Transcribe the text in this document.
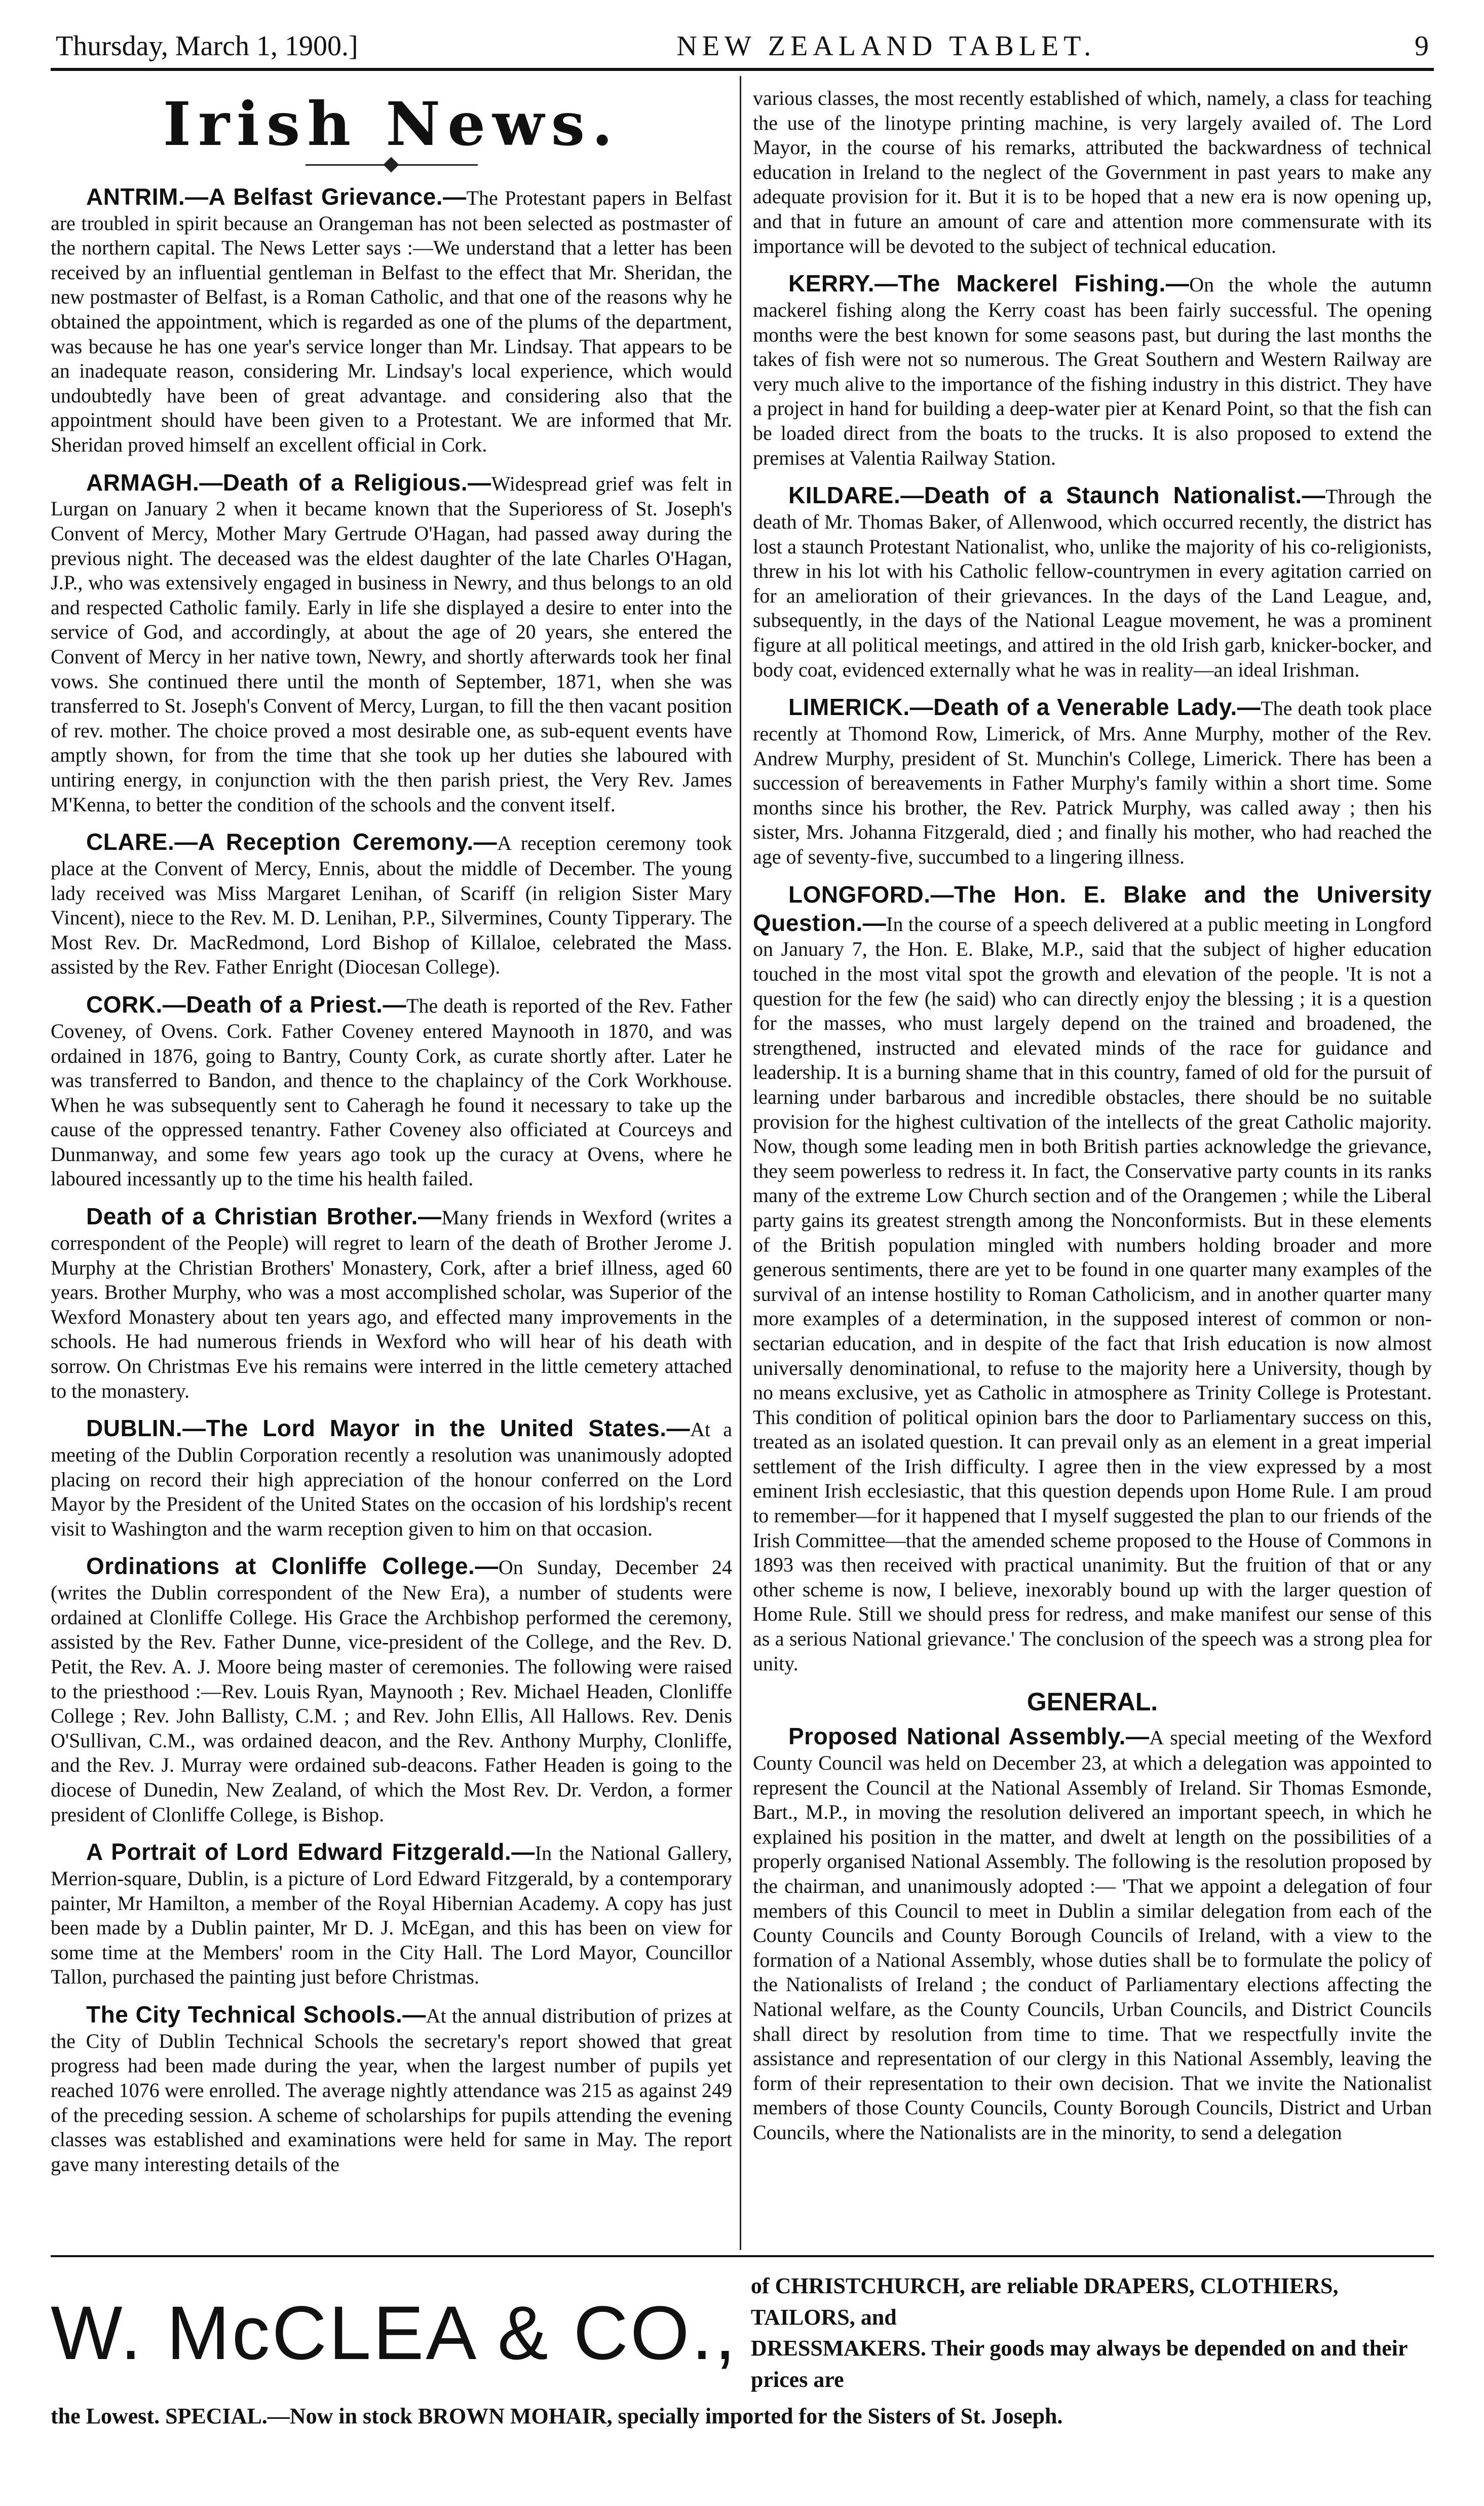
Thursday, March 1, 1900.]	NEW ZEALAND TABLET.	9
Irish News.

ANTRIM.—A Belfast Grievance.—The Protestant papers in Belfast are troubled in spirit because an Orangeman has not been selected as postmaster of the northern capital. The News Letter says :—We understand that a letter has been received by an influential gentleman in Belfast to the effect that Mr. Sheridan, the new postmaster of Belfast, is a Roman Catholic, and that one of the reasons why he obtained the appointment, which is regarded as one of the plums of the department, was because he has one year's service longer than Mr. Lindsay. That appears to be an inadequate reason, considering Mr. Lindsay's local experience, which would undoubtedly have been of great advantage. and considering also that the appointment should have been given to a Protestant. We are informed that Mr. Sheridan proved himself an excellent official in Cork.

ARMAGH.—Death of a Religious.—Widespread grief was felt in Lurgan on January 2 when it became known that the Superioress of St. Joseph's Convent of Mercy, Mother Mary Gertrude O'Hagan, had passed away during the previous night. The deceased was the eldest daughter of the late Charles O'Hagan, J.P., who was extensively engaged in business in Newry, and thus belongs to an old and respected Catholic family. Early in life she displayed a desire to enter into the service of God, and accordingly, at about the age of 20 years, she entered the Convent of Mercy in her native town, Newry, and shortly afterwards took her final vows. She continued there until the month of September, 1871, when she was transferred to St. Joseph's Convent of Mercy, Lurgan, to fill the then vacant position of rev. mother. The choice proved a most desirable one, as sub-equent events have amptly shown, for from the time that she took up her duties she laboured with untiring energy, in conjunction with the then parish priest, the Very Rev. James M'Kenna, to better the condition of the schools and the convent itself.

CLARE.—A Reception Ceremony.—A reception ceremony took place at the Convent of Mercy, Ennis, about the middle of December. The young lady received was Miss Margaret Lenihan, of Scariff (in religion Sister Mary Vincent), niece to the Rev. M. D. Lenihan, P.P., Silvermines, County Tipperary. The Most Rev. Dr. MacRedmond, Lord Bishop of Killaloe, celebrated the Mass. assisted by the Rev. Father Enright (Diocesan College).

CORK.—Death of a Priest.—The death is reported of the Rev. Father Coveney, of Ovens. Cork. Father Coveney entered Maynooth in 1870, and was ordained in 1876, going to Bantry, County Cork, as curate shortly after. Later he was transferred to Bandon, and thence to the chaplaincy of the Cork Workhouse. When he was subsequently sent to Caheragh he found it necessary to take up the cause of the oppressed tenantry. Father Coveney also officiated at Courceys and Dunmanway, and some few years ago took up the curacy at Ovens, where he laboured incessantly up to the time his health failed.

Death of a Christian Brother.—Many friends in Wexford (writes a correspondent of the People) will regret to learn of the death of Brother Jerome J. Murphy at the Christian Brothers' Monastery, Cork, after a brief illness, aged 60 years. Brother Murphy, who was a most accomplished scholar, was Superior of the Wexford Monastery about ten years ago, and effected many improvements in the schools. He had numerous friends in Wexford who will hear of his death with sorrow. On Christmas Eve his remains were interred in the little cemetery attached to the monastery.

DUBLIN.—The Lord Mayor in the United States.—At a meeting of the Dublin Corporation recently a resolution was unanimously adopted placing on record their high appreciation of the honour conferred on the Lord Mayor by the President of the United States on the occasion of his lordship's recent visit to Washington and the warm reception given to him on that occasion.

Ordinations at Clonliffe College.—On Sunday, December 24 (writes the Dublin correspondent of the New Era), a number of students were ordained at Clonliffe College. His Grace the Archbishop performed the ceremony, assisted by the Rev. Father Dunne, vice-president of the College, and the Rev. D. Petit, the Rev. A. J. Moore being master of ceremonies. The following were raised to the priesthood :—Rev. Louis Ryan, Maynooth ; Rev. Michael Headen, Clonliffe College ; Rev. John Ballisty, C.M. ; and Rev. John Ellis, All Hallows. Rev. Denis O'Sullivan, C.M., was ordained deacon, and the Rev. Anthony Murphy, Clonliffe, and the Rev. J. Murray were ordained sub-deacons. Father Headen is going to the diocese of Dunedin, New Zealand, of which the Most Rev. Dr. Verdon, a former president of Clonliffe College, is Bishop.

A Portrait of Lord Edward Fitzgerald.—In the National Gallery, Merrion-square, Dublin, is a picture of Lord Edward Fitzgerald, by a contemporary painter, Mr Hamilton, a member of the Royal Hibernian Academy. A copy has just been made by a Dublin painter, Mr D. J. McEgan, and this has been on view for some time at the Members' room in the City Hall. The Lord Mayor, Councillor Tallon, purchased the painting just before Christmas.

The City Technical Schools.—At the annual distribution of prizes at the City of Dublin Technical Schools the secretary's report showed that great progress had been made during the year, when the largest number of pupils yet reached 1076 were enrolled. The average nightly attendance was 215 as against 249 of the preceding session. A scheme of scholarships for pupils attending the evening classes was established and examinations were held for same in May. The report gave many interesting details of the

various classes, the most recently established of which, namely, a class for teaching the use of the linotype printing machine, is very largely availed of. The Lord Mayor, in the course of his remarks, attributed the backwardness of technical education in Ireland to the neglect of the Government in past years to make any adequate provision for it. But it is to be hoped that a new era is now opening up, and that in future an amount of care and attention more commensurate with its importance will be devoted to the subject of technical education.

KERRY.—The Mackerel Fishing.—On the whole the autumn mackerel fishing along the Kerry coast has been fairly successful. The opening months were the best known for some seasons past, but during the last months the takes of fish were not so numerous. The Great Southern and Western Railway are very much alive to the importance of the fishing industry in this district. They have a project in hand for building a deep-water pier at Kenard Point, so that the fish can be loaded direct from the boats to the trucks. It is also proposed to extend the premises at Valentia Railway Station.

KILDARE.—Death of a Staunch Nationalist.—Through the death of Mr. Thomas Baker, of Allenwood, which occurred recently, the district has lost a staunch Protestant Nationalist, who, unlike the majority of his co-religionists, threw in his lot with his Catholic fellow-countrymen in every agitation carried on for an amelioration of their grievances. In the days of the Land League, and, subsequently, in the days of the National League movement, he was a prominent figure at all political meetings, and attired in the old Irish garb, knicker-bocker, and body coat, evidenced externally what he was in reality—an ideal Irishman.

LIMERICK.—Death of a Venerable Lady.—The death took place recently at Thomond Row, Limerick, of Mrs. Anne Murphy, mother of the Rev. Andrew Murphy, president of St. Munchin's College, Limerick. There has been a succession of bereavements in Father Murphy's family within a short time. Some months since his brother, the Rev. Patrick Murphy, was called away ; then his sister, Mrs. Johanna Fitzgerald, died ; and finally his mother, who had reached the age of seventy-five, succumbed to a lingering illness.

LONGFORD.—The Hon. E. Blake and the University Question.—In the course of a speech delivered at a public meeting in Longford on January 7, the Hon. E. Blake, M.P., said that the subject of higher education touched in the most vital spot the growth and elevation of the people. 'It is not a question for the few (he said) who can directly enjoy the blessing ; it is a question for the masses, who must largely depend on the trained and broadened, the strengthened, instructed and elevated minds of the race for guidance and leadership. It is a burning shame that in this country, famed of old for the pursuit of learning under barbarous and incredible obstacles, there should be no suitable provision for the highest cultivation of the intellects of the great Catholic majority. Now, though some leading men in both British parties acknowledge the grievance, they seem powerless to redress it. In fact, the Conservative party counts in its ranks many of the extreme Low Church section and of the Orangemen ; while the Liberal party gains its greatest strength among the Nonconformists. But in these elements of the British population mingled with numbers holding broader and more generous sentiments, there are yet to be found in one quarter many examples of the survival of an intense hostility to Roman Catholicism, and in another quarter many more examples of a determination, in the supposed interest of common or non-sectarian education, and in despite of the fact that Irish education is now almost universally denominational, to refuse to the majority here a University, though by no means exclusive, yet as Catholic in atmosphere as Trinity College is Protestant. This condition of political opinion bars the door to Parliamentary success on this, treated as an isolated question. It can prevail only as an element in a great imperial settlement of the Irish difficulty. I agree then in the view expressed by a most eminent Irish ecclesiastic, that this question depends upon Home Rule. I am proud to remember—for it happened that I myself suggested the plan to our friends of the Irish Committee—that the amended scheme proposed to the House of Commons in 1893 was then received with practical unanimity. But the fruition of that or any other scheme is now, I believe, inexorably bound up with the larger question of Home Rule. Still we should press for redress, and make manifest our sense of this as a serious National grievance.' The conclusion of the speech was a strong plea for unity.

GENERAL.

Proposed National Assembly.—A special meeting of the Wexford County Council was held on December 23, at which a delegation was appointed to represent the Council at the National Assembly of Ireland. Sir Thomas Esmonde, Bart., M.P., in moving the resolution delivered an important speech, in which he explained his position in the matter, and dwelt at length on the possibilities of a properly organised National Assembly. The following is the resolution proposed by the chairman, and unanimously adopted :— 'That we appoint a delegation of four members of this Council to meet in Dublin a similar delegation from each of the County Councils and County Borough Councils of Ireland, with a view to the formation of a National Assembly, whose duties shall be to formulate the policy of the Nationalists of Ireland ; the conduct of Parliamentary elections affecting the National welfare, as the County Councils, Urban Councils, and District Councils shall direct by resolution from time to time. That we respectfully invite the assistance and representation of our clergy in this National Assembly, leaving the form of their representation to their own decision. That we invite the Nationalist members of those County Councils, County Borough Councils, District and Urban Councils, where the Nationalists are in the minority, to send a delegation

W. McCLEA & CO.,
of CHRISTCHURCH, are reliable DRAPERS, CLOTHIERS, TAILORS, and
DRESSMAKERS. Their goods may always be depended on and their prices are
the Lowest. SPECIAL.—Now in stock BROWN MOHAIR, specially imported for the Sisters of St. Joseph.
